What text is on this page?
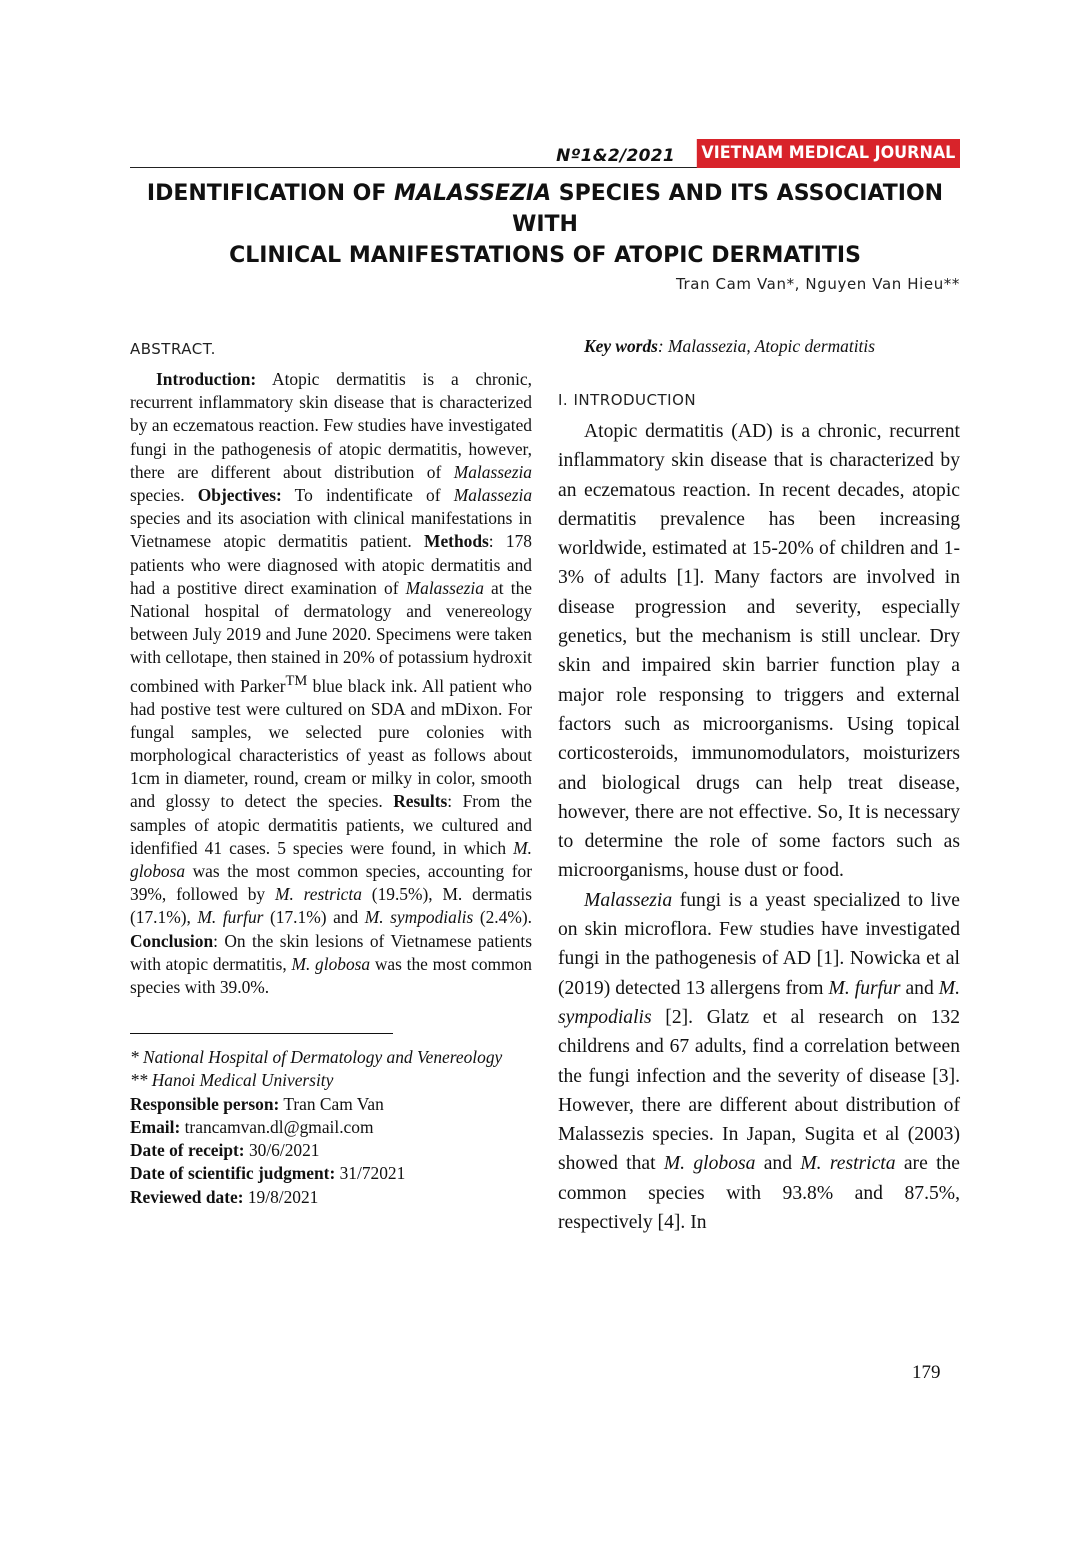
Nº1&2/2021 VIETNAM MEDICAL JOURNAL
IDENTIFICATION OF MALASSEZIA SPECIES AND ITS ASSOCIATION WITH
CLINICAL MANIFESTATIONS OF ATOPIC DERMATITIS
Tran Cam Van*, Nguyen Van Hieu**

ABSTRACT.

Introduction: Atopic dermatitis is a chronic, recurrent inflammatory skin disease that is characterized by an eczematous reaction. Few studies have investigated fungi in the pathogenesis of atopic dermatitis, however, there are different about distribution of Malassezia species. Objectives: To indentificate of Malassezia species and its asociation with clinical manifestations in Vietnamese atopic dermatitis patient. Methods: 178 patients who were diagnosed with atopic dermatitis and had a postitive direct examination of Malassezia at the National hospital of dermatology and venereology between July 2019 and June 2020. Specimens were taken with cellotape, then stained in 20% of potassium hydroxit combined with Parker™ blue black ink. All patient who had postive test were cultured on SDA and mDixon. For fungal samples, we selected pure colonies with morphological characteristics of yeast as follows about 1cm in diameter, round, cream or milky in color, smooth and glossy to detect the species. Results: From the samples of atopic dermatitis patients, we cultured and idenfified 41 cases. 5 species were found, in which M. globosa was the most common species, accounting for 39%, followed by M. restricta (19.5%), M. dermatis (17.1%), M. furfur (17.1%) and M. sympodialis (2.4%). Conclusion: On the skin lesions of Vietnamese patients with atopic dermatitis, M. globosa was the most common species with 39.0%.

* National Hospital of Dermatology and Venereology

** Hanoi Medical University

Responsible person: Tran Cam Van

Email: trancamvan.dl@gmail.com

Date of receipt: 30/6/2021

Date of scientific judgment: 31/72021

Reviewed date: 19/8/2021

Key words: Malassezia, Atopic dermatitis

I. INTRODUCTION

Atopic dermatitis (AD) is a chronic, recurrent inflammatory skin disease that is characterized by an eczematous reaction. In recent decades, atopic dermatitis prevalence has been increasing worldwide, estimated at 15-20% of children and 1-3% of adults [1]. Many factors are involved in disease progression and severity, especially genetics, but the mechanism is still unclear. Dry skin and impaired skin barrier function play a major role responsing to triggers and external factors such as microorganisms. Using topical corticosteroids, immunomodulators, moisturizers and biological drugs can help treat disease, however, there are not effective. So, It is necessary to determine the role of some factors such as microorganisms, house dust or food.

Malassezia fungi is a yeast specialized to live on skin microflora. Few studies have investigated fungi in the pathogenesis of AD [1]. Nowicka et al (2019) detected 13 allergens from M. furfur and M. sympodialis [2]. Glatz et al research on 132 childrens and 67 adults, find a correlation between the fungi infection and the severity of disease [3]. However, there are different about distribution of Malassezis species. In Japan, Sugita et al (2003) showed that M. globosa and M. restricta are the common species with 93.8% and 87.5%, respectively [4]. In

179
